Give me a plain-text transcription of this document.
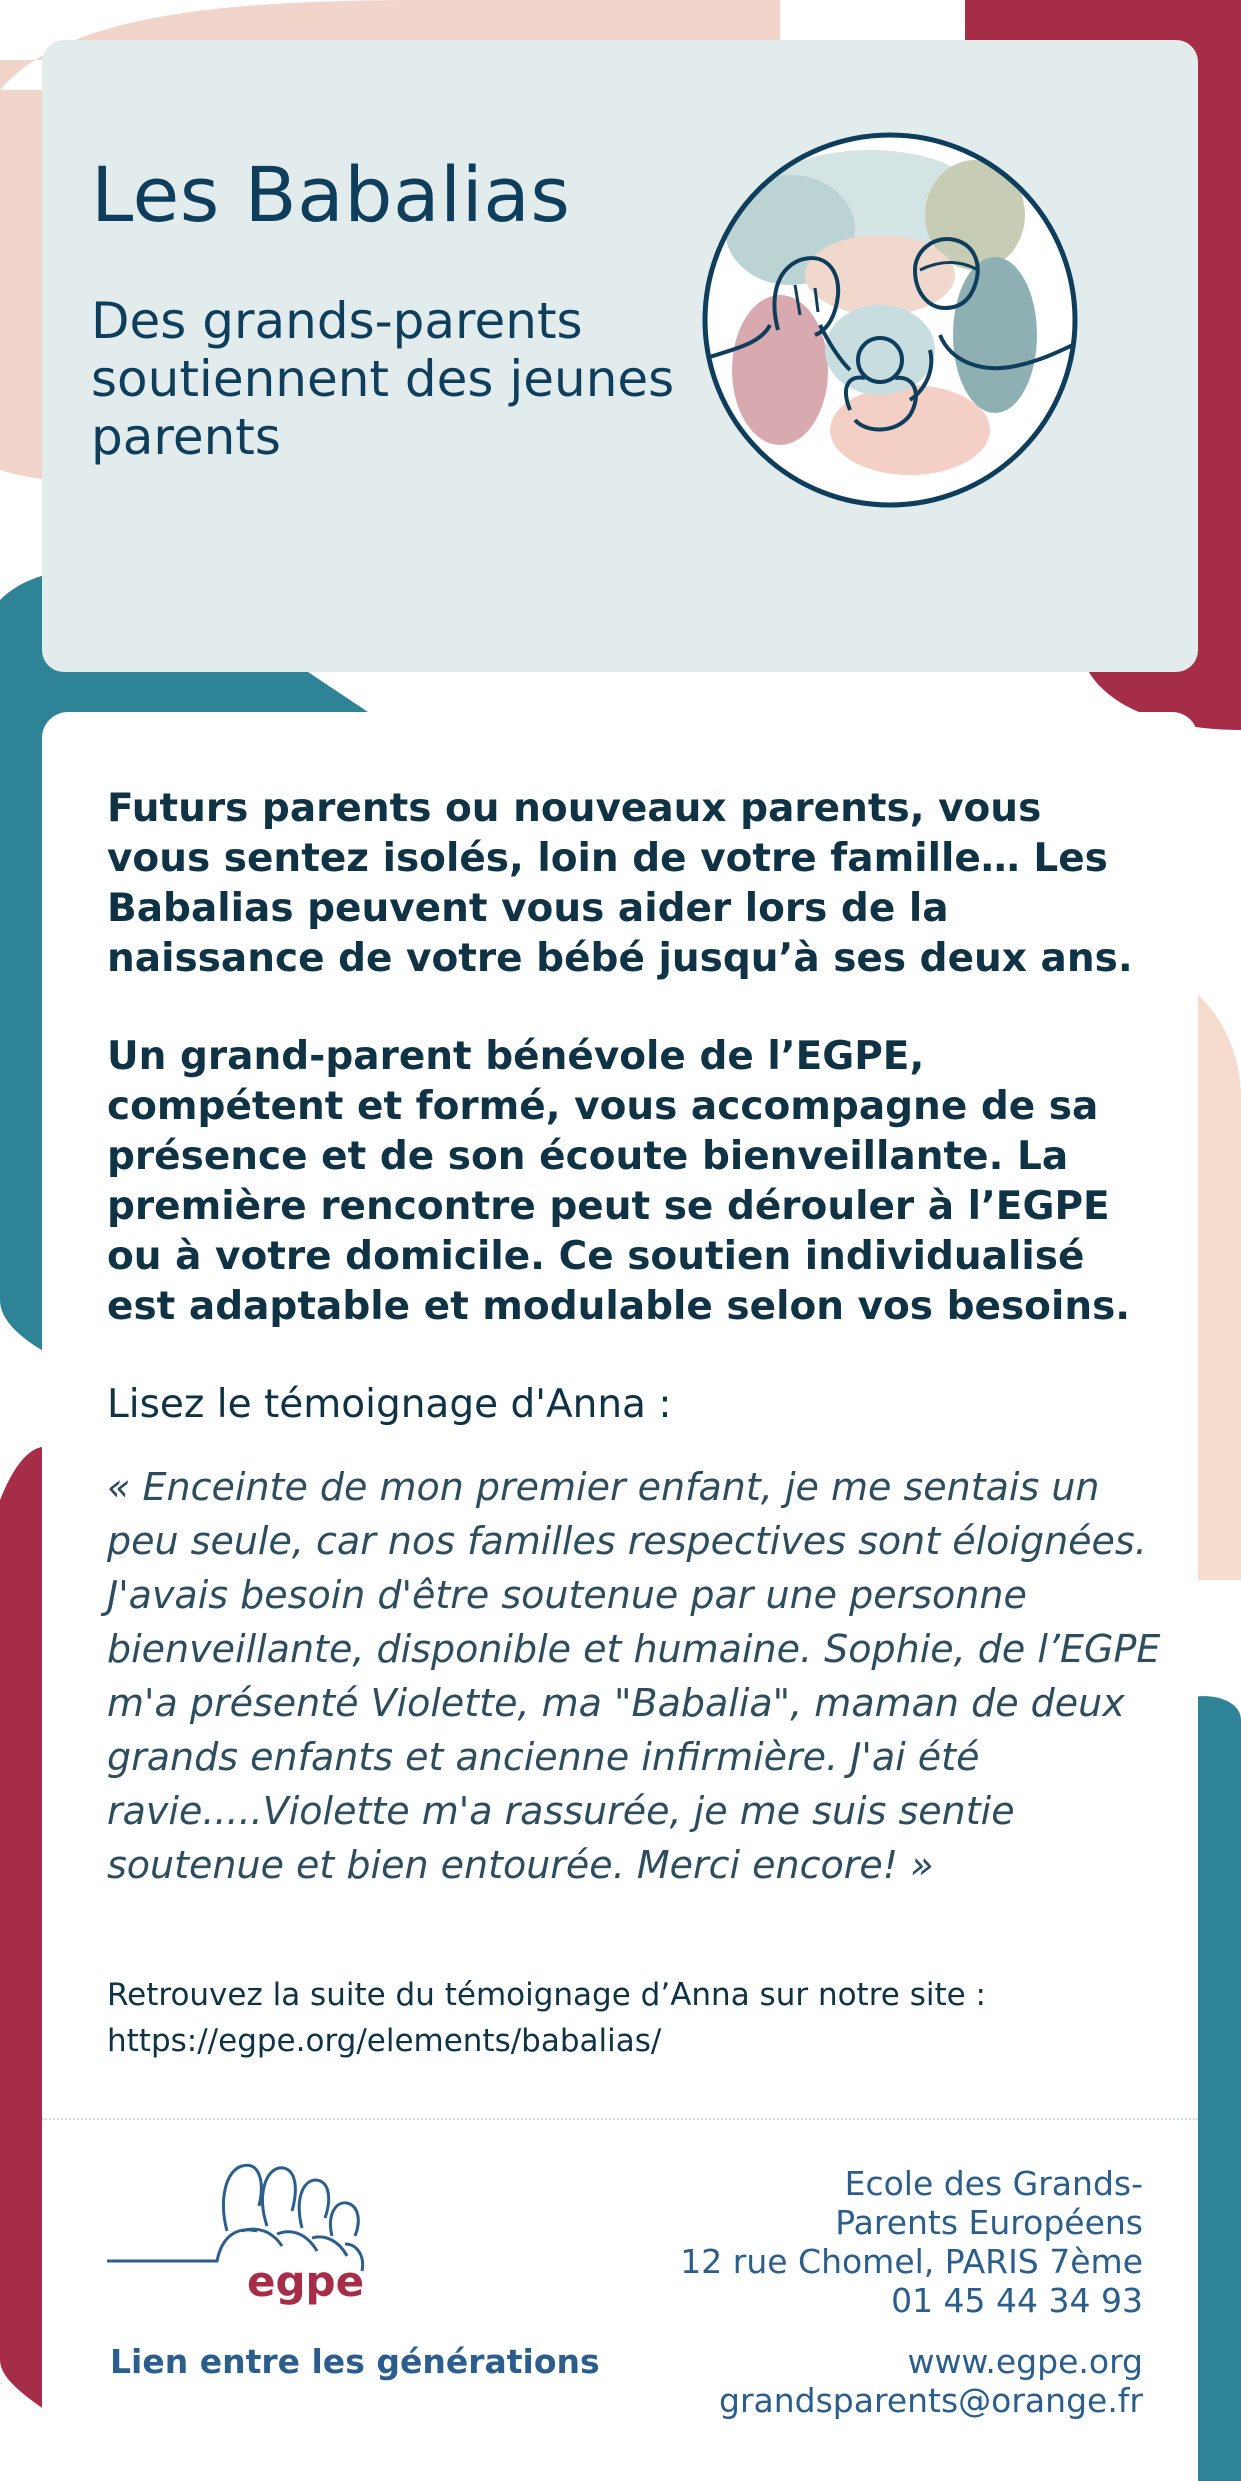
Les Babalias
Des grands-parents soutiennent des jeunes parents

Futurs parents ou nouveaux parents, vous vous sentez isolés, loin de votre famille… Les Babalias peuvent vous aider lors de la naissance de votre bébé jusqu’à ses deux ans.

Un grand-parent bénévole de l’EGPE, compétent et formé, vous accompagne de sa présence et de son écoute bienveillante. La première rencontre peut se dérouler à l’EGPE ou à votre domicile. Ce soutien individualisé est adaptable et modulable selon vos besoins.

Lisez le témoignage d'Anna :
« Enceinte de mon premier enfant, je me sentais un peu seule, car nos familles respectives sont éloignées. J'avais besoin d'être soutenue par une personne bienveillante, disponible et humaine. Sophie, de l’EGPE m'a présenté Violette, ma "Babalia", maman de deux grands enfants et ancienne infirmière. J'ai été ravie.....Violette m'a rassurée, je me suis sentie soutenue et bien entourée. Merci encore! »
Retrouvez la suite du témoignage d’Anna sur notre site :
https://egpe.org/elements/babalias/
egpe
Lien entre les générations
Ecole des Grands-
Parents Européens
12 rue Chomel, PARIS 7ème
01 45 44 34 93
www.egpe.org
grandsparents@orange.fr
